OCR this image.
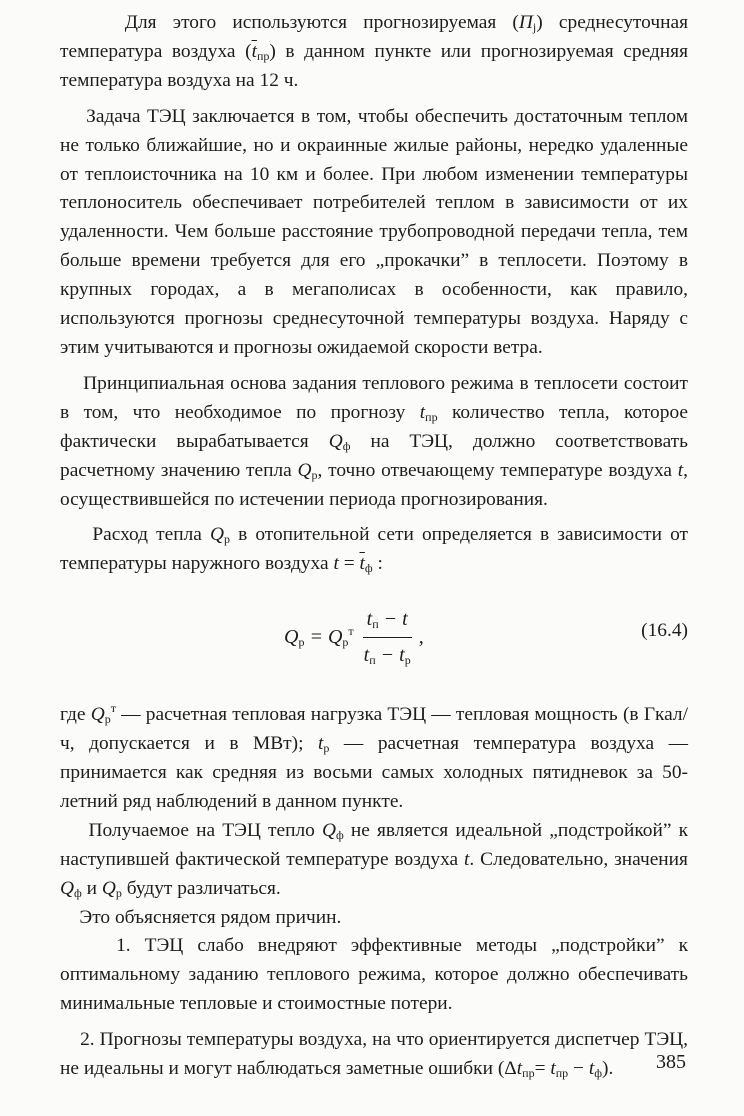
Для этого используются прогнозируемая $(П_j)$ среднесуточная температура воздуха $(\overline{t}_{пр})$ в данном пункте или прогнозируемая средняя температура воздуха на 12 ч.

Задача ТЭЦ заключается в том, чтобы обеспечить достаточным теплом не только ближайшие, но и окраинные жилые районы, нередко удаленные от теплоисточника на 10 км и более. При любом изменении температуры теплоноситель обеспечивает потребителей теплом в зависимости от их удаленности. Чем больше расстояние трубопроводной передачи тепла, тем больше времени требуется для его „прокачки” в теплосети. Поэтому в крупных городах, а в мегаполисах в особенности, как правило, используются прогнозы среднесуточной температуры воздуха. Наряду с этим учитываются и прогнозы ожидаемой скорости ветра.

Принципиальная основа задания теплового режима в теплосети состоит в том, что необходимое по прогнозу $t_{пр}$ количество тепла, которое фактически вырабатывается $Q_ф$ на ТЭЦ, должно соответствовать расчетному значению тепла $Q_р$, точно отвечающему температуре воздуха t, осуществившейся по истечении периода прогнозирования.

Расход тепла $Q_р$ в отопительной сети определяется в зависимости от температуры наружного воздуха $t = \overline{t}_ф$ :

$Q_р = Q_р^т \frac{t_п - t}{t_п - t_р}$ ,	(16.4)

где $Q_р^т$ — расчетная тепловая нагрузка ТЭЦ — тепловая мощность (в Гкал/ч, допускается и в МВт); $t_р$ — расчетная температура воздуха — принимается как средняя из восьми самых холодных пятидневок за 50-летний ряд наблюдений в данном пункте.

Получаемое на ТЭЦ тепло $Q_ф$ не является идеальной „подстройкой” к наступившей фактической температуре воздуха t. Следовательно, значения $Q_ф$ и $Q_р$ будут различаться.

Это объясняется рядом причин.

1. ТЭЦ слабо внедряют эффективные методы „подстройки” к оптимальному заданию теплового режима, которое должно обеспечивать минимальные тепловые и стоимостные потери.

2. Прогнозы температуры воздуха, на что ориентируется диспетчер ТЭЦ, не идеальны и могут наблюдаться заметные ошибки $(\Delta t_{пр}= t_{пр} - t_ф)$.	385
